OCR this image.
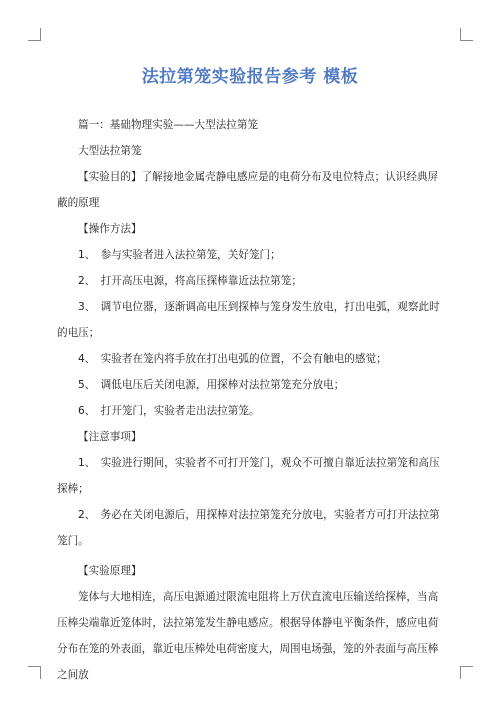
法拉第笼实验报告参考 模板

篇一：基础物理实验——大型法拉第笼

大型法拉第笼

【实验目的】了解接地金属壳静电感应是的电荷分布及电位特点；认识经典屏蔽的原理

【操作方法】

1、　参与实验者进入法拉第笼，关好笼门；

2、　打开高压电源，将高压探棒靠近法拉第笼；

3、　调节电位器，逐渐调高电压到探棒与笼身发生放电，打出电弧，观察此时的电压；

4、　实验者在笼内将手放在打出电弧的位置，不会有触电的感觉；

5、　调低电压后关闭电源，用探棒对法拉第笼充分放电；

6、　打开笼门，实验者走出法拉第笼。

【注意事项】

1、　实验进行期间，实验者不可打开笼门，观众不可擅自靠近法拉第笼和高压探棒；

2、　务必在关闭电源后，用探棒对法拉第笼充分放电，实验者方可打开法拉第笼门。

【实验原理】

笼体与大地相连，高压电源通过限流电阻将上万伏直流电压输送给探棒，当高压棒尖端靠近笼体时，法拉第笼发生静电感应。根据导体静电平衡条件，感应电荷分布在笼的外表面，靠近电压棒处电荷密度大，周围电场强，笼的外表面与高压棒之间放
